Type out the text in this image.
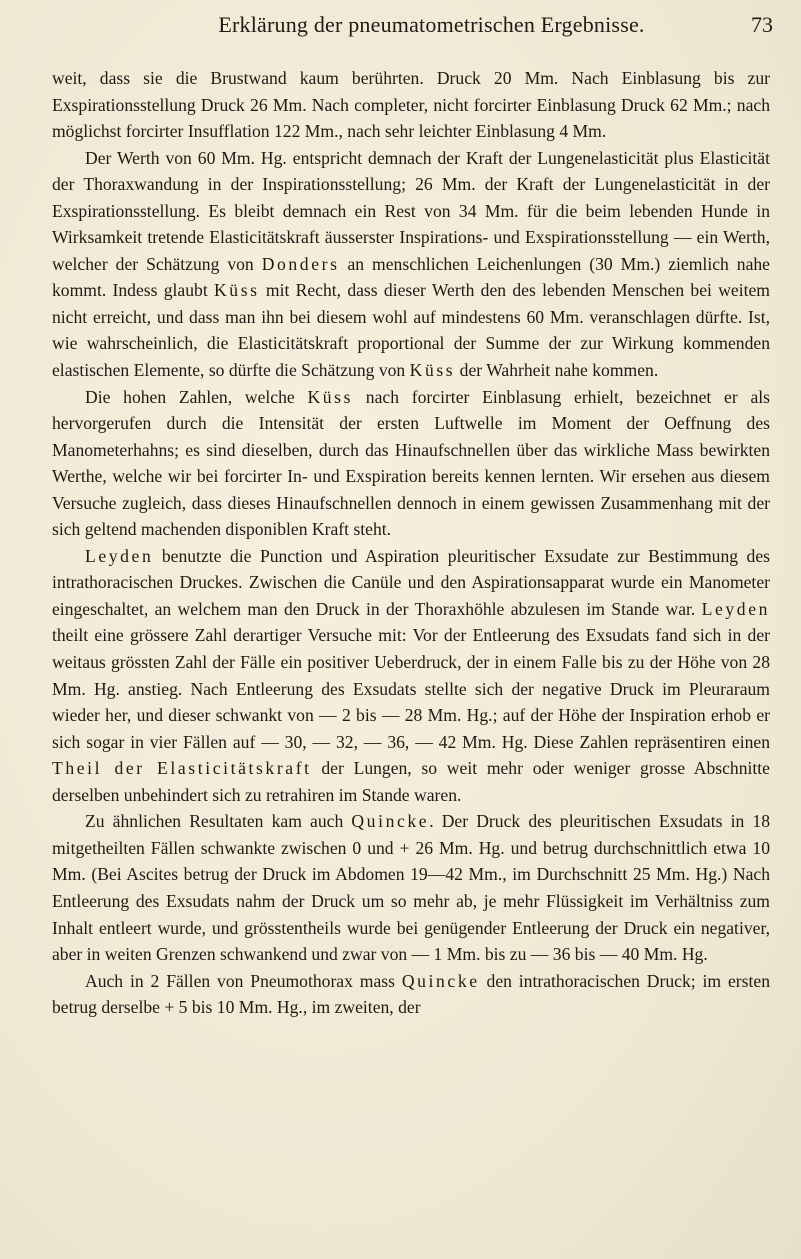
Erklärung der pneumatometrischen Ergebnisse.	73

weit, dass sie die Brustwand kaum berührten. Druck 20 Mm. Nach Einblasung bis zur Exspirationsstellung Druck 26 Mm. Nach completer, nicht forcirter Einblasung Druck 62 Mm.; nach möglichst forcirter Insufflation 122 Mm., nach sehr leichter Einblasung 4 Mm.

Der Werth von 60 Mm. Hg. entspricht demnach der Kraft der Lungenelasticität plus Elasticität der Thoraxwandung in der Inspirationsstellung; 26 Mm. der Kraft der Lungenelasticität in der Exspirationsstellung. Es bleibt demnach ein Rest von 34 Mm. für die beim lebenden Hunde in Wirksamkeit tretende Elasticitätskraft äusserster Inspirations- und Exspirationsstellung — ein Werth, welcher der Schätzung von Donders an menschlichen Leichenlungen (30 Mm.) ziemlich nahe kommt. Indess glaubt Küss mit Recht, dass dieser Werth den des lebenden Menschen bei weitem nicht erreicht, und dass man ihn bei diesem wohl auf mindestens 60 Mm. veranschlagen dürfte. Ist, wie wahrscheinlich, die Elasticitätskraft proportional der Summe der zur Wirkung kommenden elastischen Elemente, so dürfte die Schätzung von Küss der Wahrheit nahe kommen.

Die hohen Zahlen, welche Küss nach forcirter Einblasung erhielt, bezeichnet er als hervorgerufen durch die Intensität der ersten Luftwelle im Moment der Oeffnung des Manometerhahns; es sind dieselben, durch das Hinaufschnellen über das wirkliche Mass bewirkten Werthe, welche wir bei forcirter In- und Exspiration bereits kennen lernten. Wir ersehen aus diesem Versuche zugleich, dass dieses Hinaufschnellen dennoch in einem gewissen Zusammenhang mit der sich geltend machenden disponiblen Kraft steht.

Leyden benutzte die Punction und Aspiration pleuritischer Exsudate zur Bestimmung des intrathoracischen Druckes. Zwischen die Canüle und den Aspirationsapparat wurde ein Manometer eingeschaltet, an welchem man den Druck in der Thoraxhöhle abzulesen im Stande war. Leyden theilt eine grössere Zahl derartiger Versuche mit: Vor der Entleerung des Exsudats fand sich in der weitaus grössten Zahl der Fälle ein positiver Ueberdruck, der in einem Falle bis zu der Höhe von 28 Mm. Hg. anstieg. Nach Entleerung des Exsudats stellte sich der negative Druck im Pleuraraum wieder her, und dieser schwankt von — 2 bis — 28 Mm. Hg.; auf der Höhe der Inspiration erhob er sich sogar in vier Fällen auf — 30, — 32, — 36, — 42 Mm. Hg. Diese Zahlen repräsentiren einen Theil der Elasticitätskraft der Lungen, so weit mehr oder weniger grosse Abschnitte derselben unbehindert sich zu retrahiren im Stande waren.

Zu ähnlichen Resultaten kam auch Quincke. Der Druck des pleuritischen Exsudats in 18 mitgetheilten Fällen schwankte zwischen 0 und + 26 Mm. Hg. und betrug durchschnittlich etwa 10 Mm. (Bei Ascites betrug der Druck im Abdomen 19—42 Mm., im Durchschnitt 25 Mm. Hg.) Nach Entleerung des Exsudats nahm der Druck um so mehr ab, je mehr Flüssigkeit im Verhältniss zum Inhalt entleert wurde, und grösstentheils wurde bei genügender Entleerung der Druck ein negativer, aber in weiten Grenzen schwankend und zwar von — 1 Mm. bis zu — 36 bis — 40 Mm. Hg.

Auch in 2 Fällen von Pneumothorax mass Quincke den intrathoracischen Druck; im ersten betrug derselbe + 5 bis 10 Mm. Hg., im zweiten, der
